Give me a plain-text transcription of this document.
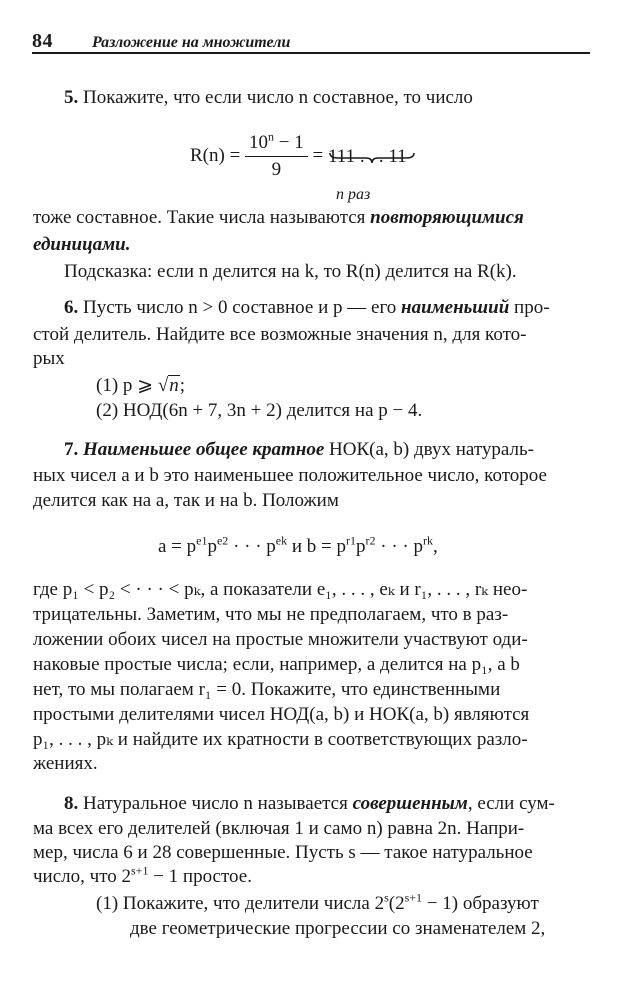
84 Разложение на множители
5. Покажите, что если число n составное, то число
$R(n) = \frac{10^n - 1}{9} = 111$ . . . 11
n раз
тоже составное. Такие числа называются повторяющимися
единицами.
Подсказка: если n делится на k, то R(n) делится на R(k).
6. Пусть число n > 0 составное и p — его наименьший про-
стой делитель. Найдите все возможные значения n, для кото-
рых
(1) p ⩾ √n;
(2) НОД(6n + 7, 3n + 2) делится на p − 4.
7. Наименьшее общее кратное НОК(a, b) двух натураль-
ных чисел a и b это наименьшее положительное число, которое
делится как на a, так и на b. Положим
$a = p^{e1}p^{e2}$ · · · $p^{ek}$ и $b = p^{r1}p^{r2}$ · · · $p^{rk}$,
где p₁ < p₂ < · · · < pₖ, а показатели e₁, . . . , eₖ и r₁, . . . , rₖ нео-
трицательны. Заметим, что мы не предполагаем, что в раз-
ложении обоих чисел на простые множители участвуют оди-
наковые простые числа; если, например, a делится на p₁, а b
нет, то мы полагаем r₁ = 0. Покажите, что единственными
простыми делителями чисел НОД(a, b) и НОК(a, b) являются
p₁, . . . , pₖ и найдите их кратности в соответствующих разло-
жениях.
8. Натуральное число n называется совершенным, если сум-
ма всех его делителей (включая 1 и само n) равна 2n. Напри-
мер, числа 6 и 28 совершенные. Пусть s — такое натуральное
число, что $2^{s+1} - 1$ простое.
(1) Покажите, что делители числа $2^s(2^{s+1} - 1)$ образуют
две геометрические прогрессии со знаменателем 2,
